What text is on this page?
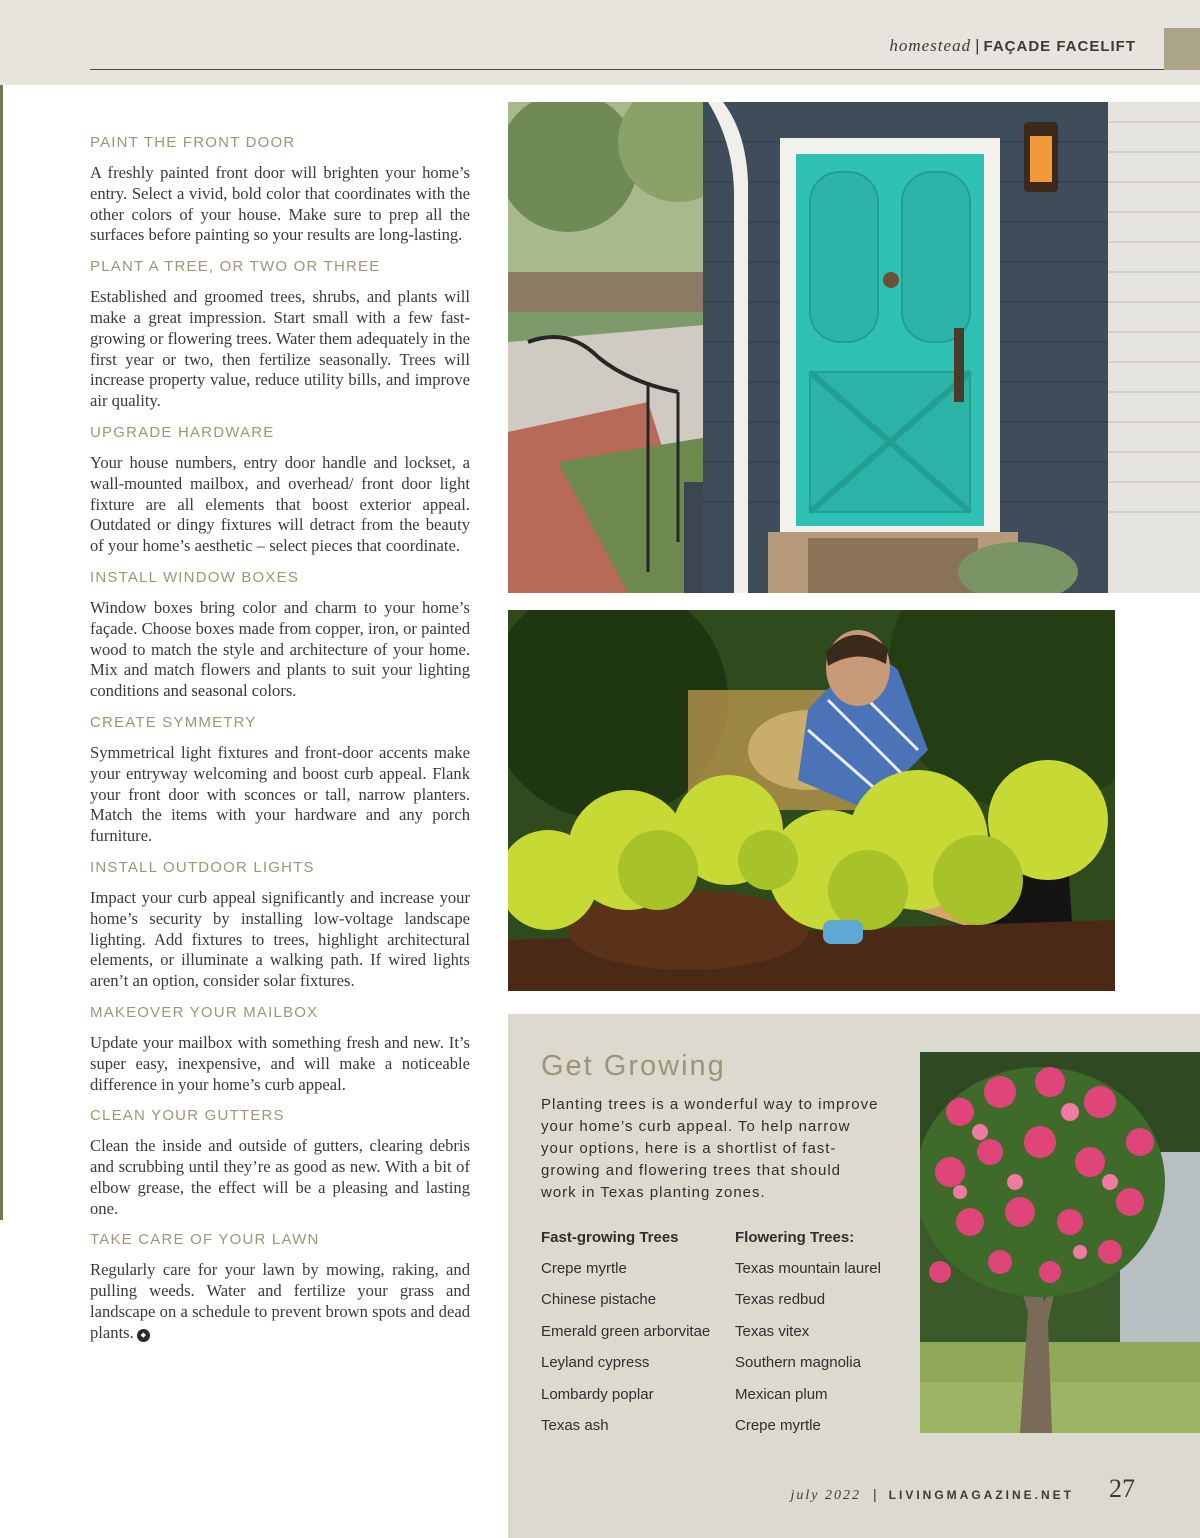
homestead | FAÇADE FACELIFT
PAINT THE FRONT DOOR

A freshly painted front door will brighten your home’s entry. Select a vivid, bold color that coordinates with the other colors of your house. Make sure to prep all the surfaces before painting so your results are long-lasting.

PLANT A TREE, OR TWO OR THREE

Established and groomed trees, shrubs, and plants will make a great impression. Start small with a few fast-growing or flowering trees. Water them adequately in the first year or two, then fertilize seasonally. Trees will increase property value, reduce utility bills, and improve air quality.

UPGRADE HARDWARE

Your house numbers, entry door handle and lockset, a wall-mounted mailbox, and overhead/ front door light fixture are all elements that boost exterior appeal. Outdated or dingy fixtures will detract from the beauty of your home’s aesthetic – select pieces that coordinate.

INSTALL WINDOW BOXES

Window boxes bring color and charm to your home’s façade. Choose boxes made from copper, iron, or painted wood to match the style and architecture of your home. Mix and match flowers and plants to suit your lighting conditions and seasonal colors.

CREATE SYMMETRY

Symmetrical light fixtures and front-door accents make your entryway welcoming and boost curb appeal. Flank your front door with sconces or tall, narrow planters. Match the items with your hardware and any porch furniture.

INSTALL OUTDOOR LIGHTS

Impact your curb appeal significantly and increase your home’s security by installing low-voltage landscape lighting. Add fixtures to trees, highlight architectural elements, or illuminate a walking path. If wired lights aren’t an option, consider solar fixtures.

MAKEOVER YOUR MAILBOX

Update your mailbox with something fresh and new. It’s super easy, inexpensive, and will make a noticeable difference in your home’s curb appeal.

CLEAN YOUR GUTTERS

Clean the inside and outside of gutters, clearing debris and scrubbing until they’re as good as new. With a bit of elbow grease, the effect will be a pleasing and lasting one.

TAKE CARE OF YOUR LAWN

Regularly care for your lawn by mowing, raking, and pulling weeds. Water and fertilize your grass and landscape on a schedule to prevent brown spots and dead plants. ◆

Get Growing
Planting trees is a wonderful way to improve your home’s curb appeal. To help narrow your options, here is a shortlist of fast-growing and flowering trees that should work in Texas planting zones.
Fast-growing Trees
Crepe myrtle
Chinese pistache
Emerald green arborvitae
Leyland cypress
Lombardy poplar
Texas ash
Flowering Trees:
Texas mountain laurel
Texas redbud
Texas vitex
Southern magnolia
Mexican plum
Crepe myrtle
july 2022 | LIVINGMAGAZINE.NET 27
